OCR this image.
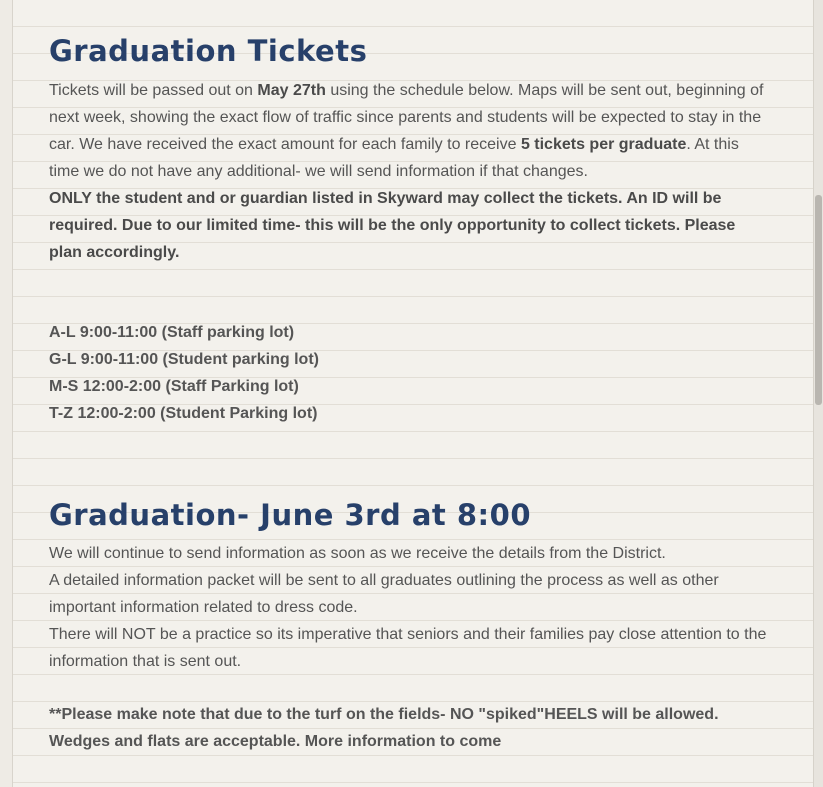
Graduation Tickets

Tickets will be passed out on May 27th using the schedule below. Maps will be sent out, beginning of next week, showing the exact flow of traffic since parents and students will be expected to stay in the car. We have received the exact amount for each family to receive 5 tickets per graduate. At this time we do not have any additional- we will send information if that changes.

ONLY the student and or guardian listed in Skyward may collect the tickets. An ID will be required. Due to our limited time- this will be the only opportunity to collect tickets. Please plan accordingly.

A-L 9:00-11:00 (Staff parking lot)
G-L 9:00-11:00 (Student parking lot)
M-S 12:00-2:00 (Staff Parking lot)
T-Z 12:00-2:00 (Student Parking lot)
Graduation- June 3rd at 8:00

We will continue to send information as soon as we receive the details from the District.

A detailed information packet will be sent to all graduates outlining the process as well as other important information related to dress code.

There will NOT be a practice so its imperative that seniors and their families pay close attention to the information that is sent out.

**Please make note that due to the turf on the fields- NO "spiked"HEELS will be allowed. Wedges and flats are acceptable. More information to come
